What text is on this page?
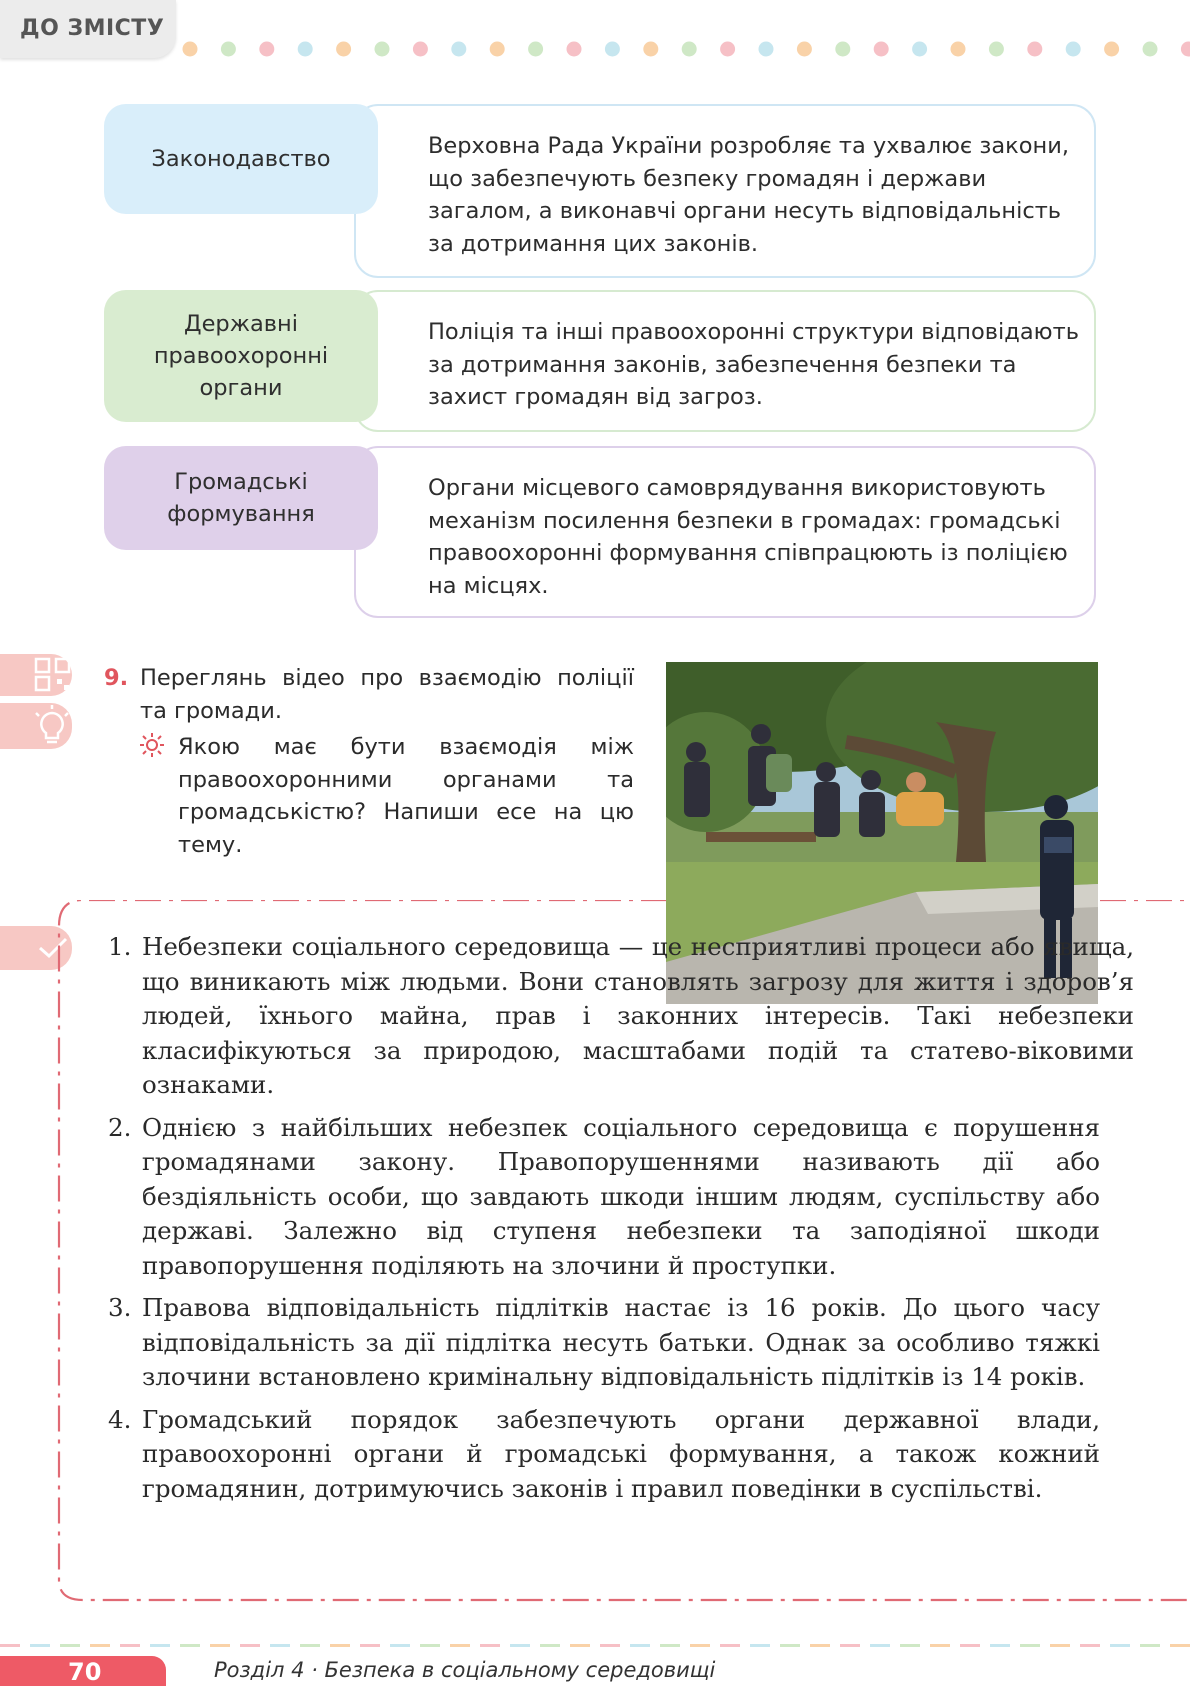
ДО ЗМІСТУ
Законодавство	Верховна Рада України розробляє та ухвалює закони, що забезпечують безпеку громадян і держави загалом, а виконавчі органи несуть відповідальність за дотримання цих законів.
Державні правоохоронні органи
Поліція та інші правоохоронні структури відповідають за дотримання законів, забезпечення безпеки та захист громадян від загроз.
Громадські формування
Органи місцевого самоврядування використовують механізм посилення безпеки в громадах: громадські правоохоронні формування співпрацюють із поліцією на місцях.
9. Переглянь відео про взаємодію поліції та громади.
Якою має бути взаємодія між правоохоронними органами та громадськістю? Напиши есе на цю тему.
1. Небезпеки соціального середовища — це несприятливі процеси або явища, що виникають між людьми. Вони становлять загрозу для життя і здоров’я людей, їхнього майна, прав і законних інтересів. Такі небезпеки класифікуються за природою, масштабами подій та статево-віковими ознаками.
2. Однією з найбільших небезпек соціального середовища є порушення громадянами закону. Правопорушеннями називають дії або бездіяльність особи, що завдають шкоди іншим людям, суспільству або державі. Залежно від ступеня небезпеки та заподіяної шкоди правопорушення поділяють на злочини й проступки.
3. Правова відповідальність підлітків настає із 16 років. До цього часу відповідальність за дії підлітка несуть батьки. Однак за особливо тяжкі злочини встановлено кримінальну відповідальність підлітків із 14 років.
4. Громадський порядок забезпечують органи державної влади, правоохоронні органи й громадські формування, а також кожний громадянин, дотримуючись законів і правил поведінки в суспільстві.
70	Розділ 4 · Безпека в соціальному середовищі
